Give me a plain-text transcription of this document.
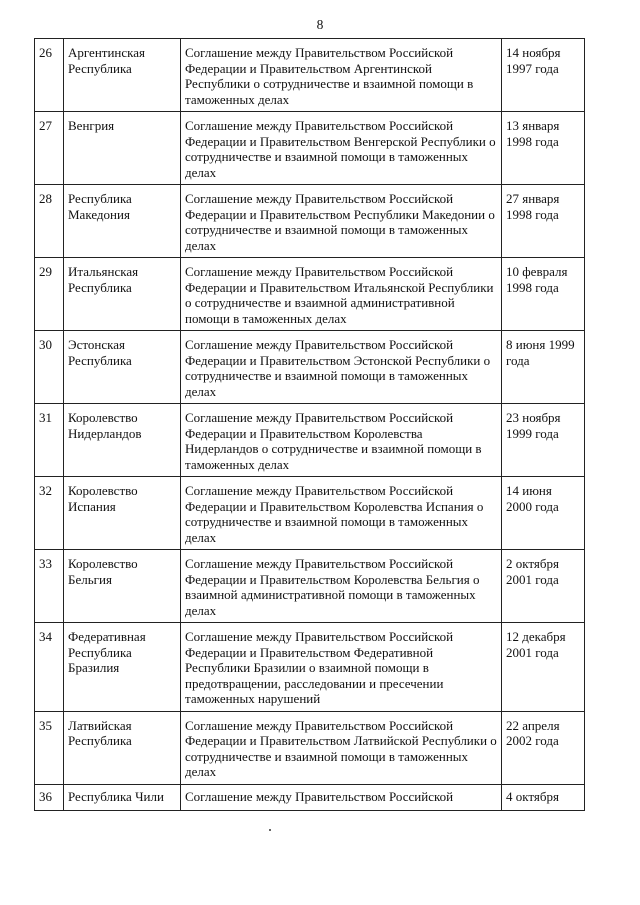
8
26	Аргентинская Республика	Соглашение между Правительством Российской Федерации и Правительством Аргентинской Республики о сотрудничестве и взаимной помощи в таможенных делах	14 ноября 1997 года
27	Венгрия	Соглашение между Правительством Российской Федерации и Правительством Венгерской Республики о сотрудничестве и взаимной помощи в таможенных делах	13 января 1998 года
28	Республика Македония	Соглашение между Правительством Российской Федерации и Правительством Республики Македонии о сотрудничестве и взаимной помощи в таможенных делах	27 января 1998 года
29	Итальянская Республика	Соглашение между Правительством Российской Федерации и Правительством Итальянской Республики о сотрудничестве и взаимной административной помощи в таможенных делах	10 февраля 1998 года
30	Эстонская Республика	Соглашение между Правительством Российской Федерации и Правительством Эстонской Республики о сотрудничестве и взаимной помощи в таможенных делах	8 июня 1999 года
31	Королевство Нидерландов	Соглашение между Правительством Российской Федерации и Правительством Королевства Нидерландов о сотрудничестве и взаимной помощи в таможенных делах	23 ноября 1999 года
32	Королевство Испания	Соглашение между Правительством Российской Федерации и Правительством Королевства Испания о сотрудничестве и взаимной помощи в таможенных делах	14 июня 2000 года
33	Королевство Бельгия	Соглашение между Правительством Российской Федерации и Правительством Королевства Бельгия о взаимной административной помощи в таможенных делах	2 октября 2001 года
34	Федеративная Республика Бразилия	Соглашение между Правительством Российской Федерации и Правительством Федеративной Республики Бразилии о взаимной помощи в предотвращении, расследовании и пресечении таможенных нарушений	12 декабря 2001 года
35	Латвийская Республика	Соглашение между Правительством Российской Федерации и Правительством Латвийской Республики о сотрудничестве и взаимной помощи в таможенных делах	22 апреля 2002 года
36	Республика Чили	Соглашение между Правительством Российской	4 октября
